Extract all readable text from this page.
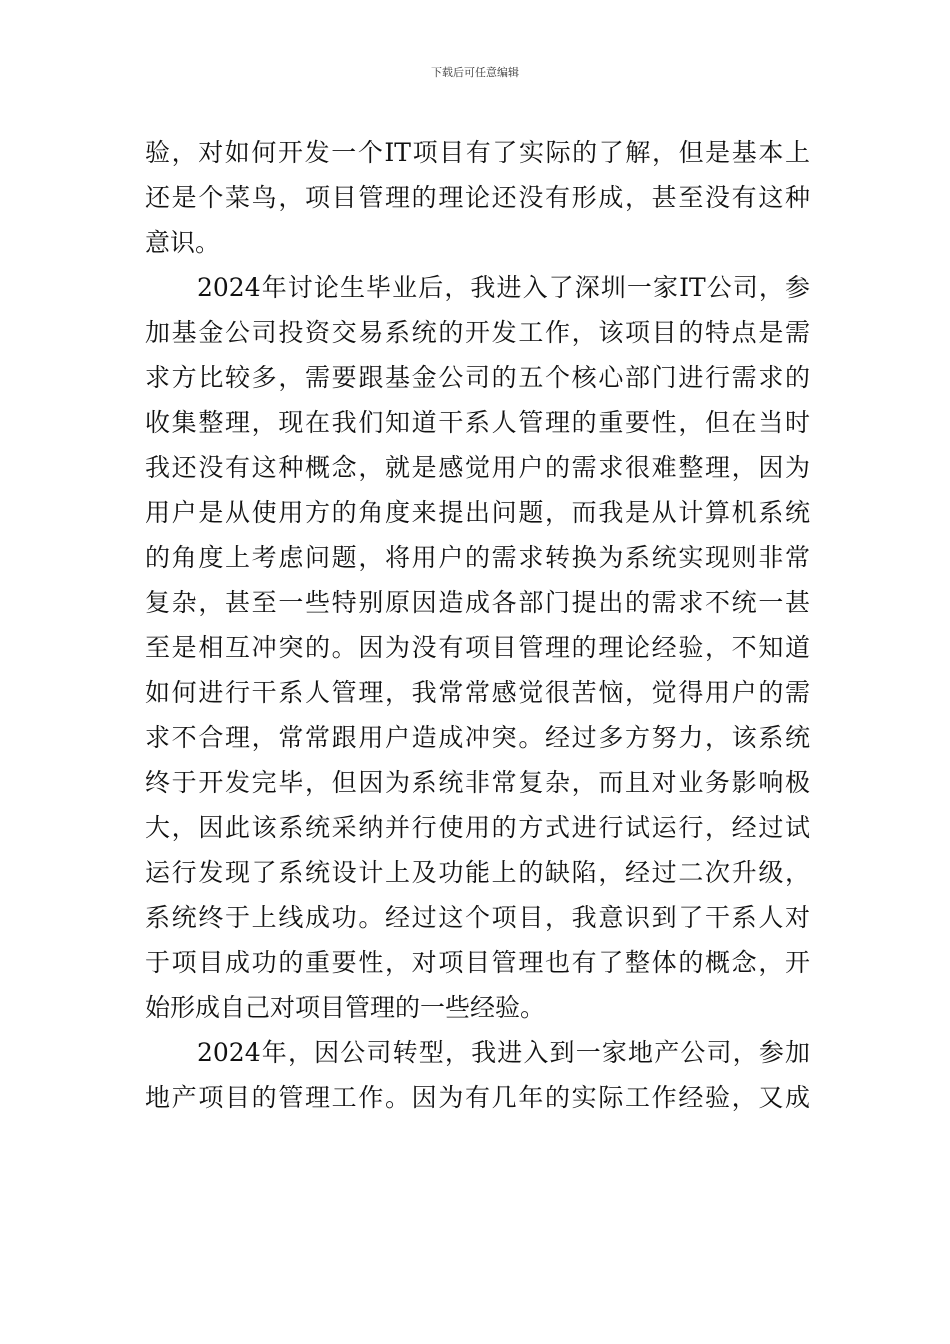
下载后可任意编辑
验，对如何开发一个IT项目有了实际的了解，但是基本上
还是个菜鸟，项目管理的理论还没有形成，甚至没有这种
意识。
2024年讨论生毕业后，我进入了深圳一家IT公司，参
加基金公司投资交易系统的开发工作，该项目的特点是需
求方比较多，需要跟基金公司的五个核心部门进行需求的
收集整理，现在我们知道干系人管理的重要性，但在当时
我还没有这种概念，就是感觉用户的需求很难整理，因为
用户是从使用方的角度来提出问题，而我是从计算机系统
的角度上考虑问题，将用户的需求转换为系统实现则非常
复杂，甚至一些特别原因造成各部门提出的需求不统一甚
至是相互冲突的。因为没有项目管理的理论经验，不知道
如何进行干系人管理，我常常感觉很苦恼，觉得用户的需
求不合理，常常跟用户造成冲突。经过多方努力，该系统
终于开发完毕，但因为系统非常复杂，而且对业务影响极
大，因此该系统采纳并行使用的方式进行试运行，经过试
运行发现了系统设计上及功能上的缺陷，经过二次升级，
系统终于上线成功。经过这个项目，我意识到了干系人对
于项目成功的重要性，对项目管理也有了整体的概念，开
始形成自己对项目管理的一些经验。
2024年，因公司转型，我进入到一家地产公司，参加
地产项目的管理工作。因为有几年的实际工作经验，又成
